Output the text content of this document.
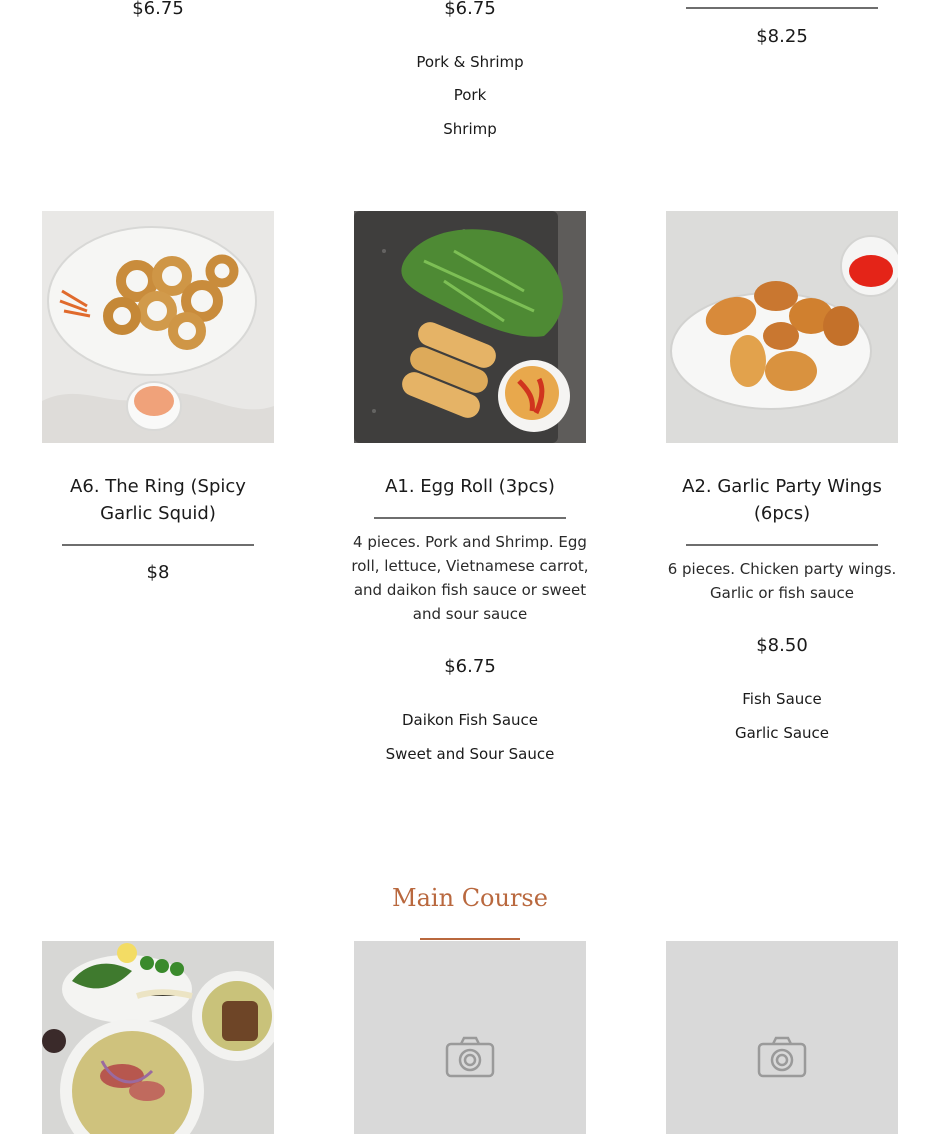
$6.75	$6.75
Pork & Shrimp
Pork
Shrimp
$8.25
A6. The Ring (Spicy Garlic Squid)
$8
A1. Egg Roll (3pcs)
4 pieces. Pork and Shrimp. Egg roll, lettuce, Vietnamese carrot, and daikon fish sauce or sweet and sour sauce
$6.75
Daikon Fish Sauce
Sweet and Sour Sauce
A2. Garlic Party Wings (6pcs)
6 pieces. Chicken party wings. Garlic or fish sauce
$8.50
Fish Sauce
Garlic Sauce
Main Course
